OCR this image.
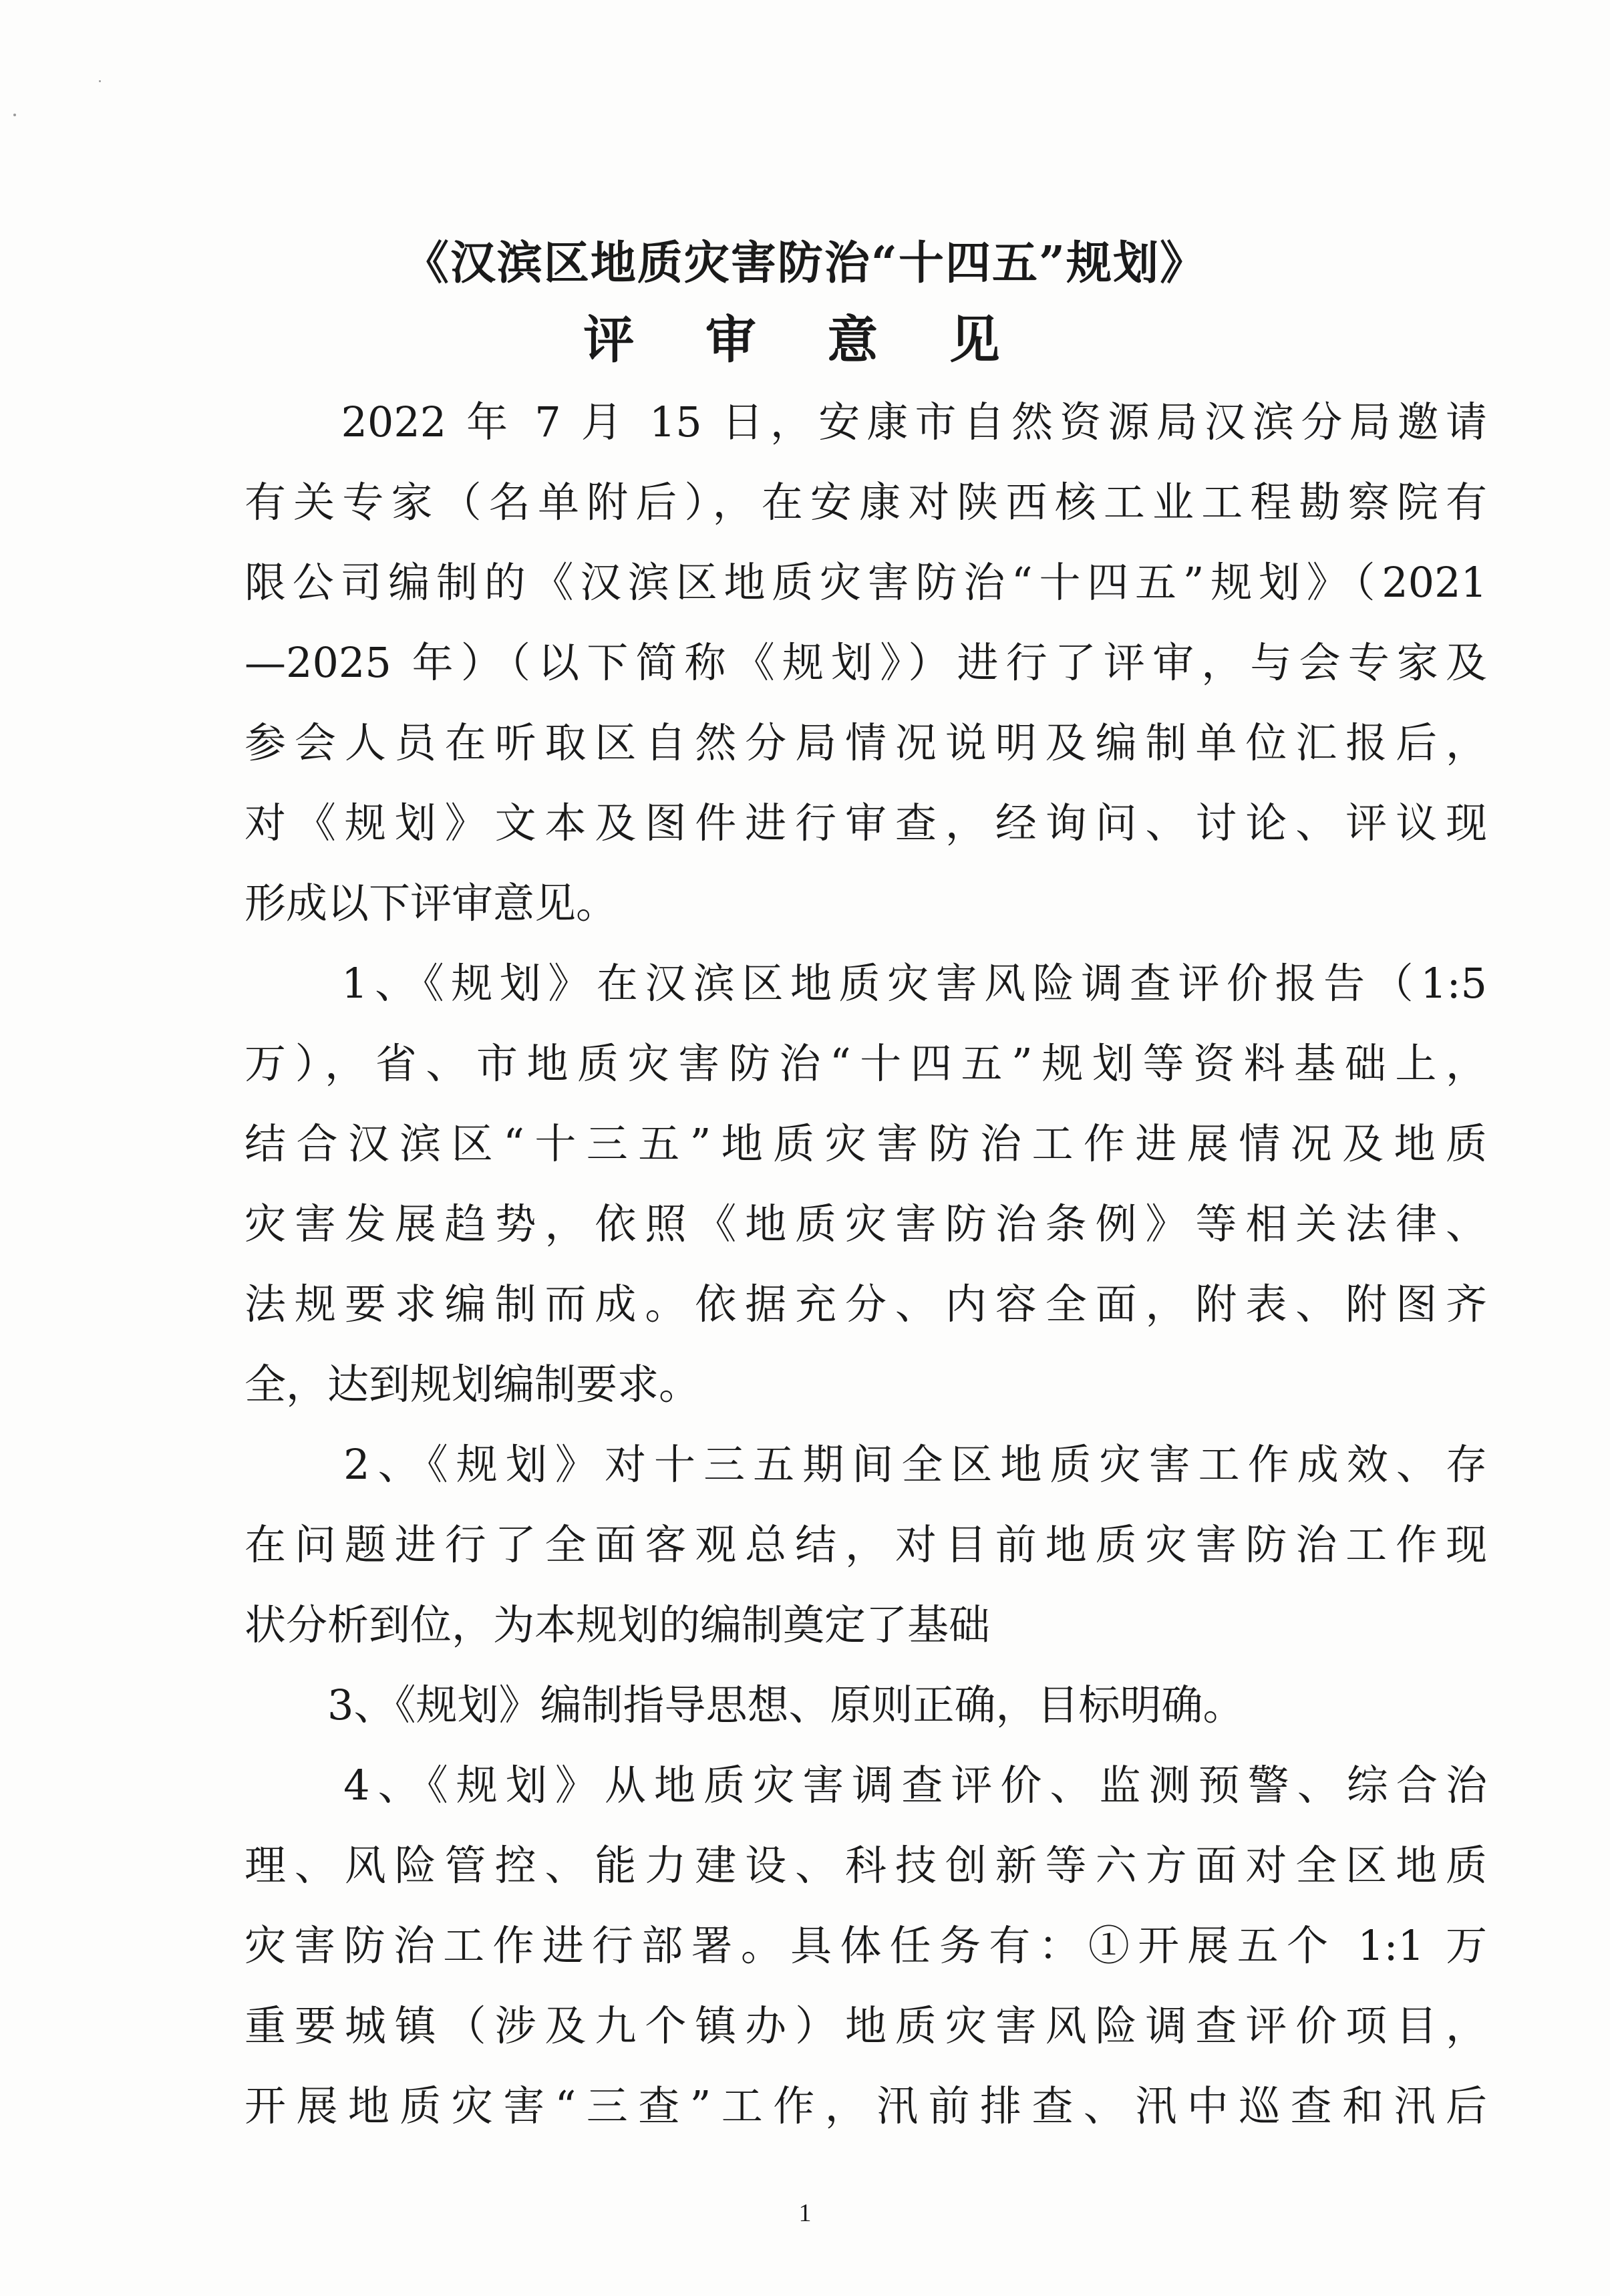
《汉滨区地质灾害防治“十四五”规划》
评 审 意 见
　　2022 年 7 月 15 日，安康市自然资源局汉滨分局邀请
有关专家（名单附后），在安康对陕西核工业工程勘察院有
限公司编制的《汉滨区地质灾害防治“十四五”规划》（2021
—2025 年）（以下简称《规划》）进行了评审，与会专家及
参会人员在听取区自然分局情况说明及编制单位汇报后，
对《规划》文本及图件进行审查，经询问、讨论、评议现
形成以下评审意见。
　　1、《规划》在汉滨区地质灾害风险调查评价报告（1:5
万），省、市地质灾害防治“十四五”规划等资料基础上，
结合汉滨区“十三五”地质灾害防治工作进展情况及地质
灾害发展趋势，依照《地质灾害防治条例》等相关法律、
法规要求编制而成。依据充分、内容全面，附表、附图齐
全，达到规划编制要求。
　　2、《规划》对十三五期间全区地质灾害工作成效、存
在问题进行了全面客观总结，对目前地质灾害防治工作现
状分析到位，为本规划的编制奠定了基础
　　3、《规划》编制指导思想、原则正确，目标明确。
　　4、《规划》从地质灾害调查评价、监测预警、综合治
理、风险管控、能力建设、科技创新等六方面对全区地质
灾害防治工作进行部署。具体任务有：①开展五个 1:1 万
重要城镇（涉及九个镇办）地质灾害风险调查评价项目，
开展地质灾害“三查”工作，汛前排查、汛中巡查和汛后
1
